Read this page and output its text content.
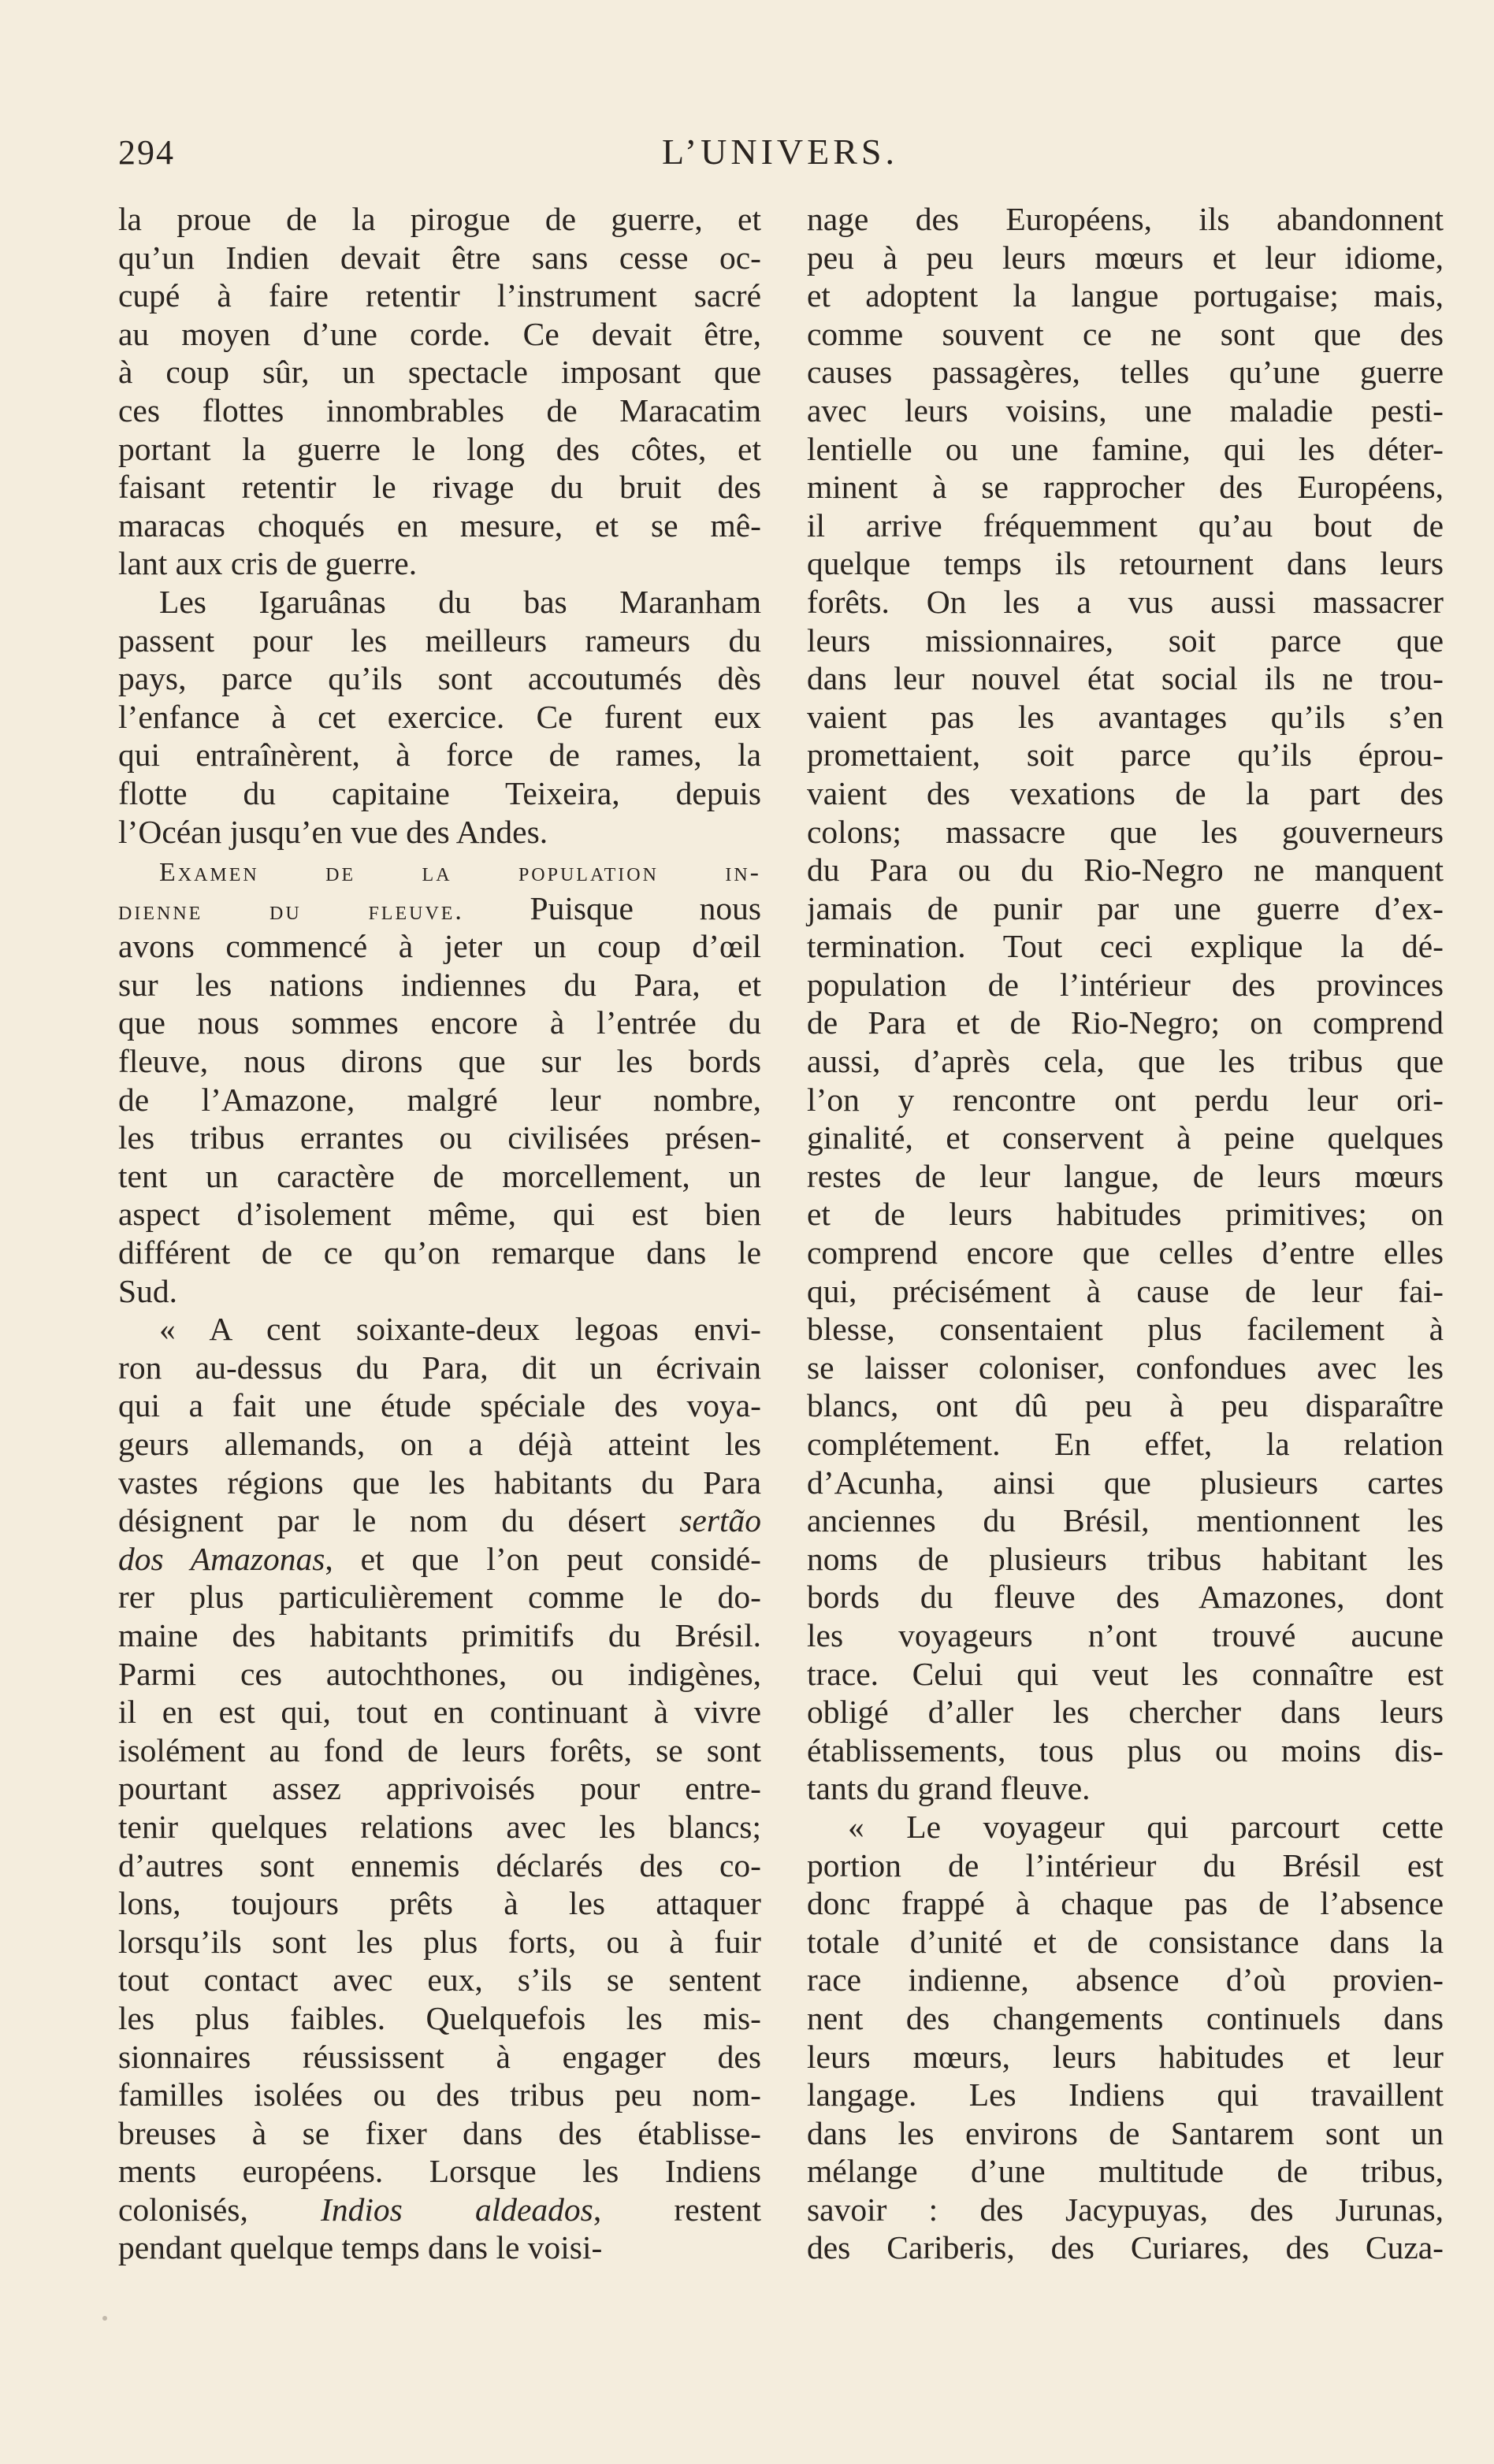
294	L’UNIVERS.
la proue de la pirogue de guerre, et
qu’un Indien devait être sans cesse oc-
cupé à faire retentir l’instrument sacré
au moyen d’une corde. Ce devait être,
à coup sûr, un spectacle imposant que
ces flottes innombrables de Maracatim
portant la guerre le long des côtes, et
faisant retentir le rivage du bruit des
maracas choqués en mesure, et se mê-
lant aux cris de guerre.
Les Igaruânas du bas Maranham
passent pour les meilleurs rameurs du
pays, parce qu’ils sont accoutumés dès
l’enfance à cet exercice. Ce furent eux
qui entraînèrent, à force de rames, la
flotte du capitaine Teixeira, depuis
l’Océan jusqu’en vue des Andes.
Examen de la population in-
dienne du fleuve. Puisque nous
avons commencé à jeter un coup d’œil
sur les nations indiennes du Para, et
que nous sommes encore à l’entrée du
fleuve, nous dirons que sur les bords
de l’Amazone, malgré leur nombre,
les tribus errantes ou civilisées présen-
tent un caractère de morcellement, un
aspect d’isolement même, qui est bien
différent de ce qu’on remarque dans le
Sud.
« A cent soixante-deux legoas envi-
ron au-dessus du Para, dit un écrivain
qui a fait une étude spéciale des voya-
geurs allemands, on a déjà atteint les
vastes régions que les habitants du Para
désignent par le nom du désert sertão
dos Amazonas, et que l’on peut considé-
rer plus particulièrement comme le do-
maine des habitants primitifs du Brésil.
Parmi ces autochthones, ou indigènes,
il en est qui, tout en continuant à vivre
isolément au fond de leurs forêts, se sont
pourtant assez apprivoisés pour entre-
tenir quelques relations avec les blancs;
d’autres sont ennemis déclarés des co-
lons, toujours prêts à les attaquer
lorsqu’ils sont les plus forts, ou à fuir
tout contact avec eux, s’ils se sentent
les plus faibles. Quelquefois les mis-
sionnaires réussissent à engager des
familles isolées ou des tribus peu nom-
breuses à se fixer dans des établisse-
ments européens. Lorsque les Indiens
colonisés, Indios aldeados, restent
pendant quelque temps dans le voisi-
nage des Européens, ils abandonnent
peu à peu leurs mœurs et leur idiome,
et adoptent la langue portugaise; mais,
comme souvent ce ne sont que des
causes passagères, telles qu’une guerre
avec leurs voisins, une maladie pesti-
lentielle ou une famine, qui les déter-
minent à se rapprocher des Européens,
il arrive fréquemment qu’au bout de
quelque temps ils retournent dans leurs
forêts. On les a vus aussi massacrer
leurs missionnaires, soit parce que
dans leur nouvel état social ils ne trou-
vaient pas les avantages qu’ils s’en
promettaient, soit parce qu’ils éprou-
vaient des vexations de la part des
colons; massacre que les gouverneurs
du Para ou du Rio-Negro ne manquent
jamais de punir par une guerre d’ex-
termination. Tout ceci explique la dé-
population de l’intérieur des provinces
de Para et de Rio-Negro; on comprend
aussi, d’après cela, que les tribus que
l’on y rencontre ont perdu leur ori-
ginalité, et conservent à peine quelques
restes de leur langue, de leurs mœurs
et de leurs habitudes primitives; on
comprend encore que celles d’entre elles
qui, précisément à cause de leur fai-
blesse, consentaient plus facilement à
se laisser coloniser, confondues avec les
blancs, ont dû peu à peu disparaître
complétement. En effet, la relation
d’Acunha, ainsi que plusieurs cartes
anciennes du Brésil, mentionnent les
noms de plusieurs tribus habitant les
bords du fleuve des Amazones, dont
les voyageurs n’ont trouvé aucune
trace. Celui qui veut les connaître est
obligé d’aller les chercher dans leurs
établissements, tous plus ou moins dis-
tants du grand fleuve.
« Le voyageur qui parcourt cette
portion de l’intérieur du Brésil est
donc frappé à chaque pas de l’absence
totale d’unité et de consistance dans la
race indienne, absence d’où provien-
nent des changements continuels dans
leurs mœurs, leurs habitudes et leur
langage. Les Indiens qui travaillent
dans les environs de Santarem sont un
mélange d’une multitude de tribus,
savoir : des Jacypuyas, des Jurunas,
des Cariberis, des Curiares, des Cuza-
